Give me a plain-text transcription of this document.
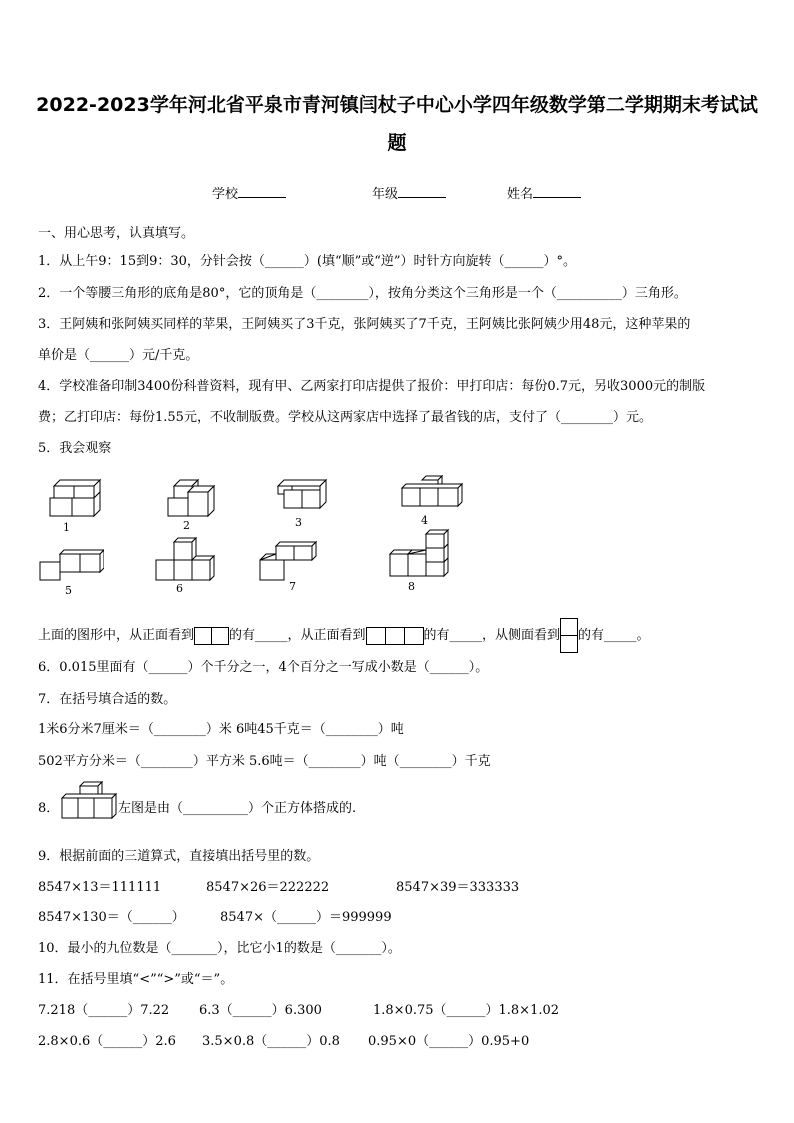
2022-2023学年河北省平泉市青河镇闫杖子中心小学四年级数学第二学期期末考试试
题
学校	年级	姓名
一、用心思考，认真填写。
1．从上午9：15到9：30，分针会按（______）(填“顺”或“逆”）时针方向旋转（______）°。
2．一个等腰三角形的底角是80°，它的顶角是（________），按角分类这个三角形是一个（__________）三角形。
3．王阿姨和张阿姨买同样的苹果，王阿姨买了3千克，张阿姨买了7千克，王阿姨比张阿姨少用48元，这种苹果的
单价是（______）元/千克。
4．学校准备印制3400份科普资料，现有甲、乙两家打印店提供了报价：甲打印店：每份0.7元，另收3000元的制版
费；乙打印店：每份1.55元，不收制版费。学校从这两家店中选择了最省钱的店，支付了（________）元。
5．我会观察
1	2	3	4
5	6	7	8
上面的图形中，从正面看到	的有_____，从正面看到	的有_____，从侧面看到 的有_____。
6．0.015里面有（______）个千分之一，4个百分之一写成小数是（______）。
7．在括号填合适的数。
1米6分米7厘米＝（________）米 6吨45千克＝（________）吨
502平方分米＝（________）平方米 5.6吨＝（________）吨（________）千克
8．	左图是由（__________）个正方体搭成的.
9．根据前面的三道算式，直接填出括号里的数。
8547×13＝111111	8547×26＝222222	8547×39＝333333
8547×130＝（______）	8547×（______）＝999999
10．最小的九位数是（_______），比它小1的数是（_______）。
11．在括号里填“<”“>”或“＝”。
7.218（______）7.22 6.3（______）6.300	1.8×0.75（______）1.8×1.02
2.8×0.6（______）2.6 3.5×0.8（______）0.8 0.95×0（______）0.95+0
